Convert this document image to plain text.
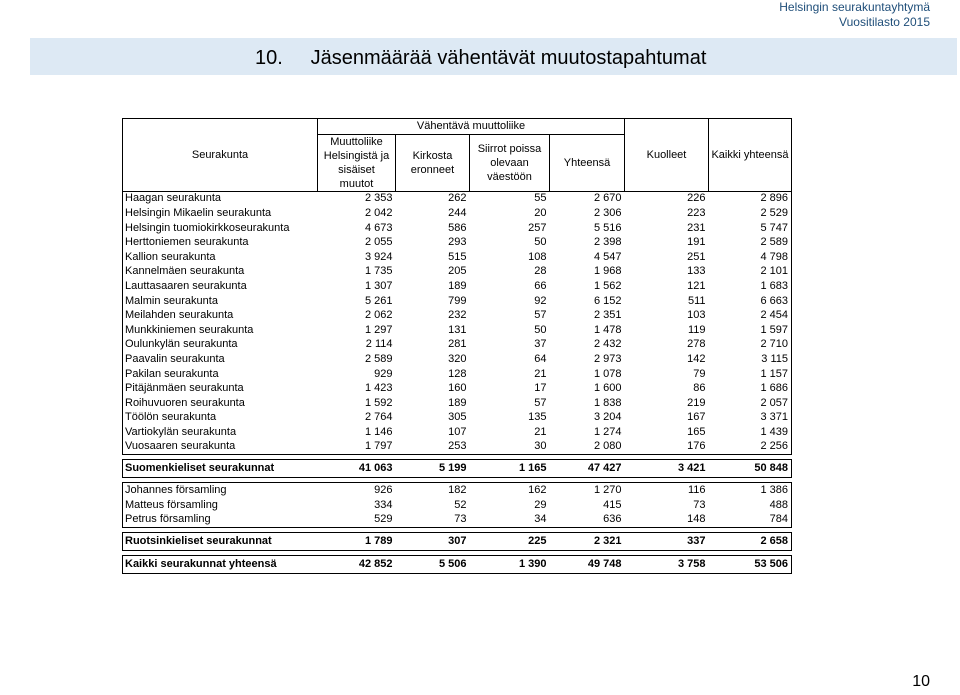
Helsingin seurakuntayhtymä
Vuositilasto 2015
10.     Jäsenmäärää vähentävät muutostapahtumat
Seurakunta	Vähentävä muuttoliike				Kuolleet	Kaikki yhteensä
	Muuttoliike Helsingistä ja sisäiset muutot	Kirkosta eronneet	Siirrot poissa olevaan väestöön	Yhteensä		
Haagan seurakunta	2 353	262	55	2 670	226	2 896
Helsingin Mikaelin seurakunta	2 042	244	20	2 306	223	2 529
Helsingin tuomiokirkkoseurakunta	4 673	586	257	5 516	231	5 747
Herttoniemen seurakunta	2 055	293	50	2 398	191	2 589
Kallion seurakunta	3 924	515	108	4 547	251	4 798
Kannelmäen seurakunta	1 735	205	28	1 968	133	2 101
Lauttasaaren seurakunta	1 307	189	66	1 562	121	1 683
Malmin seurakunta	5 261	799	92	6 152	511	6 663
Meilahden seurakunta	2 062	232	57	2 351	103	2 454
Munkkiniemen seurakunta	1 297	131	50	1 478	119	1 597
Oulunkylän seurakunta	2 114	281	37	2 432	278	2 710
Paavalin seurakunta	2 589	320	64	2 973	142	3 115
Pakilan seurakunta	929	128	21	1 078	79	1 157
Pitäjänmäen seurakunta	1 423	160	17	1 600	86	1 686
Roihuvuoren seurakunta	1 592	189	57	1 838	219	2 057
Töölön seurakunta	2 764	305	135	3 204	167	3 371
Vartiokylän seurakunta	1 146	107	21	1 274	165	1 439
Vuosaaren seurakunta	1 797	253	30	2 080	176	2 256

Suomenkieliset seurakunnat	41 063	5 199	1 165	47 427	3 421	50 848

Johannes församling	926	182	162	1 270	116	1 386
Matteus församling	334	52	29	415	73	488
Petrus församling	529	73	34	636	148	784

Ruotsinkieliset seurakunnat	1 789	307	225	2 321	337	2 658

Kaikki seurakunnat yhteensä	42 852	5 506	1 390	49 748	3 758	53 506
10
